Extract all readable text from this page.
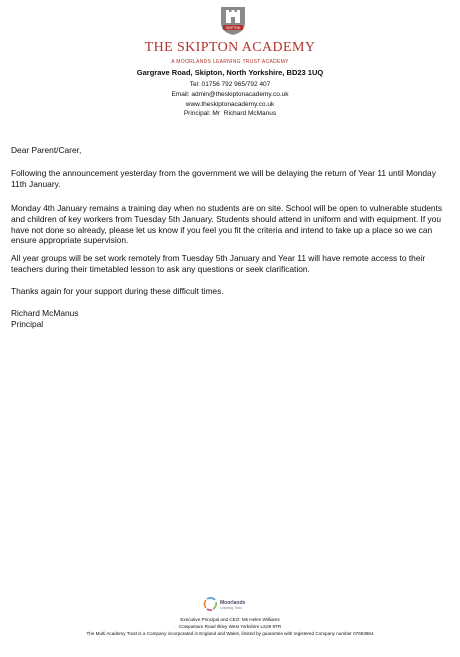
SKIPTON
THE SKIPTON ACADEMY
A MOORLANDS LEARNING TRUST ACADEMY
Gargrave Road, Skipton, North Yorkshire, BD23 1UQ
Tel: 01756 792 965/792 407
Email: admin@theskiptonacademy.co.uk
www.theskiptonacademy.co.uk
Principal: Mr Richard McManus
Dear Parent/Carer,
Following the announcement yesterday from the government we will be delaying the return of Year 11 until Monday 11th January.
Monday 4th January remains a training day when no students are on site. School will be open to vulnerable students and children of key workers from Tuesday 5th January. Students should attend in uniform and with equipment. If you have not done so already, please let us know if you feel you fit the criteria and intend to take up a place so we can ensure appropriate supervision.
All year groups will be set work remotely from Tuesday 5th January and Year 11 will have remote access to their teachers during their timetabled lesson to ask any questions or seek clarification.
Thanks again for your support during these difficult times.
Richard McManus
Principal
Moorlands
Learning Trust
Executive Principal and CEO: Ms Helen Williams
Cowpasture Road Ilkley West Yorkshire LS29 8TR
The Multi Academy Trust is a Company incorporated in England and Wales, limited by guarantee with registered Company number 07663864
